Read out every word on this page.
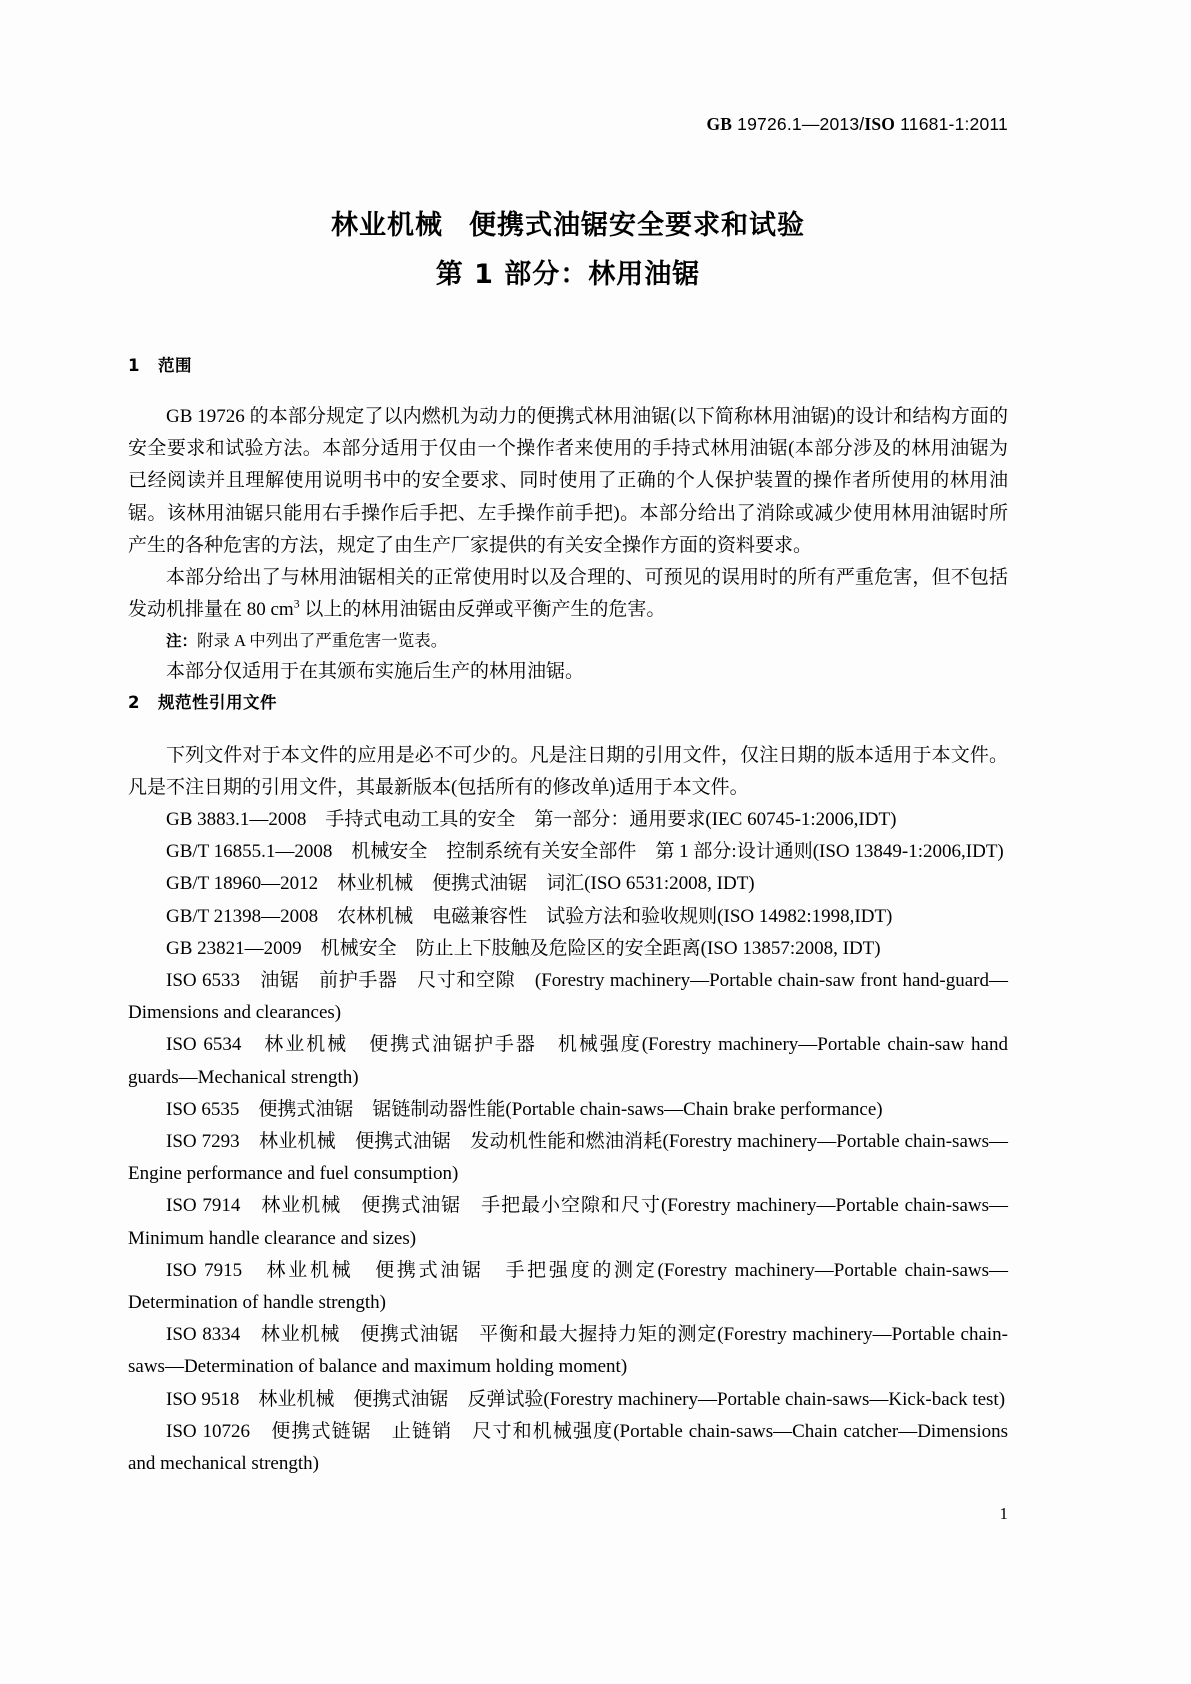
GB 19726.1—2013/ISO 11681-1:2011
林业机械 便携式油锯安全要求和试验
第 1 部分：林用油锯
1 范围

GB 19726 的本部分规定了以内燃机为动力的便携式林用油锯(以下简称林用油锯)的设计和结构方面的安全要求和试验方法。本部分适用于仅由一个操作者来使用的手持式林用油锯(本部分涉及的林用油锯为已经阅读并且理解使用说明书中的安全要求、同时使用了正确的个人保护装置的操作者所使用的林用油锯。该林用油锯只能用右手操作后手把、左手操作前手把)。本部分给出了消除或减少使用林用油锯时所产生的各种危害的方法，规定了由生产厂家提供的有关安全操作方面的资料要求。

本部分给出了与林用油锯相关的正常使用时以及合理的、可预见的误用时的所有严重危害，但不包括发动机排量在 80 $cm^3$ 以上的林用油锯由反弹或平衡产生的危害。

注：附录 A 中列出了严重危害一览表。

本部分仅适用于在其颁布实施后生产的林用油锯。

2 规范性引用文件

下列文件对于本文件的应用是必不可少的。凡是注日期的引用文件，仅注日期的版本适用于本文件。凡是不注日期的引用文件，其最新版本(包括所有的修改单)适用于本文件。

GB 3883.1—2008　手持式电动工具的安全　第一部分：通用要求(IEC 60745-1:2006,IDT)

GB/T 16855.1—2008　机械安全　控制系统有关安全部件　第 1 部分:设计通则(ISO 13849-1:2006,IDT)

GB/T 18960—2012　林业机械　便携式油锯　词汇(ISO 6531:2008, IDT)

GB/T 21398—2008　农林机械　电磁兼容性　试验方法和验收规则(ISO 14982:1998,IDT)

GB 23821—2009　机械安全　防止上下肢触及危险区的安全距离(ISO 13857:2008, IDT)

ISO 6533　油锯　前护手器　尺寸和空隙　(Forestry machinery—Portable chain-saw front hand-guard—Dimensions and clearances)

ISO 6534　林业机械　便携式油锯护手器　机械强度(Forestry machinery—Portable chain-saw hand guards—Mechanical strength)

ISO 6535　便携式油锯　锯链制动器性能(Portable chain-saws—Chain brake performance)

ISO 7293　林业机械　便携式油锯　发动机性能和燃油消耗(Forestry machinery—Portable chain-saws—Engine performance and fuel consumption)

ISO 7914　林业机械　便携式油锯　手把最小空隙和尺寸(Forestry machinery—Portable chain-saws—Minimum handle clearance and sizes)

ISO 7915　林业机械　便携式油锯　手把强度的测定(Forestry machinery—Portable chain-saws—Determination of handle strength)

ISO 8334　林业机械　便携式油锯　平衡和最大握持力矩的测定(Forestry machinery—Portable chain-saws—Determination of balance and maximum holding moment)

ISO 9518　林业机械　便携式油锯　反弹试验(Forestry machinery—Portable chain-saws—Kick-back test)

ISO 10726　便携式链锯　止链销　尺寸和机械强度(Portable chain-saws—Chain catcher—Dimensions and mechanical strength)

1
